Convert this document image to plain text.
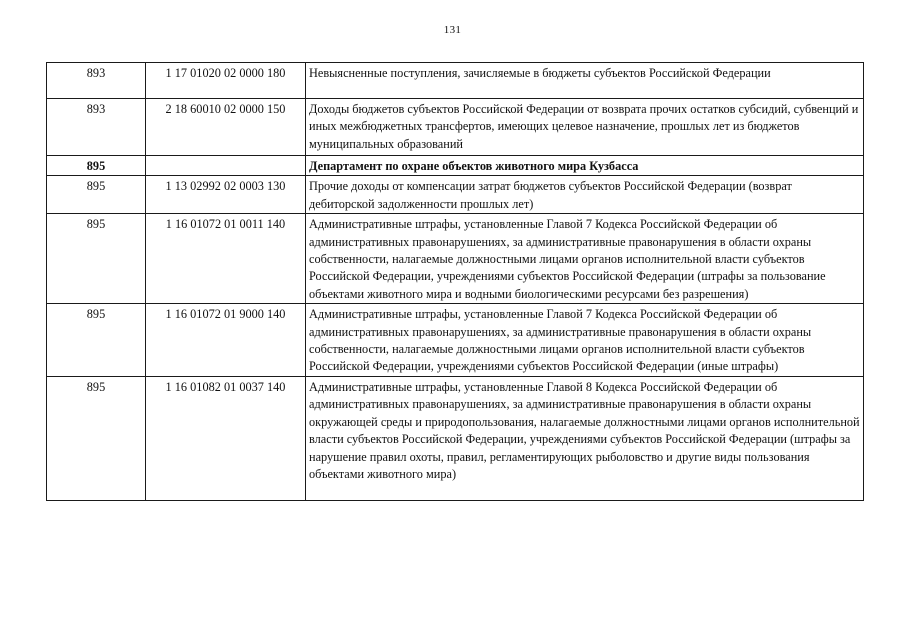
131
893	1 17 01020 02 0000 180	Невыясненные поступления, зачисляемые в бюджеты субъектов Российской Федерации
893	2 18 60010 02 0000 150	Доходы бюджетов субъектов Российской Федерации от возврата прочих остатков субсидий, субвенций и иных межбюджетных трансфертов, имеющих целевое назначение, прошлых лет из бюджетов муниципальных образований
895		Департамент по охране объектов животного мира Кузбасса
895	1 13 02992 02 0003 130	Прочие доходы от компенсации затрат бюджетов субъектов Российской Федерации (возврат дебиторской задолженности прошлых лет)
895	1 16 01072 01 0011 140	Административные штрафы, установленные Главой 7 Кодекса Российской Федерации об административных правонарушениях, за административные правонарушения в области охраны собственности, налагаемые должностными лицами органов исполнительной власти субъектов Российской Федерации, учреждениями субъектов Российской Федерации (штрафы за пользование объектами животного мира и водными биологическими ресурсами без разрешения)
895	1 16 01072 01 9000 140	Административные штрафы, установленные Главой 7 Кодекса Российской Федерации об административных правонарушениях, за административные правонарушения в области охраны собственности, налагаемые должностными лицами органов исполнительной власти субъектов Российской Федерации, учреждениями субъектов Российской Федерации (иные штрафы)
895	1 16 01082 01 0037 140	Административные штрафы, установленные Главой 8 Кодекса Российской Федерации об административных правонарушениях, за административные правонарушения в области охраны окружающей среды и природопользования, налагаемые должностными лицами органов исполнительной власти субъектов Российской Федерации, учреждениями субъектов Российской Федерации (штрафы за нарушение правил охоты, правил, регламентирующих рыболовство и другие виды пользования объектами животного мира)
